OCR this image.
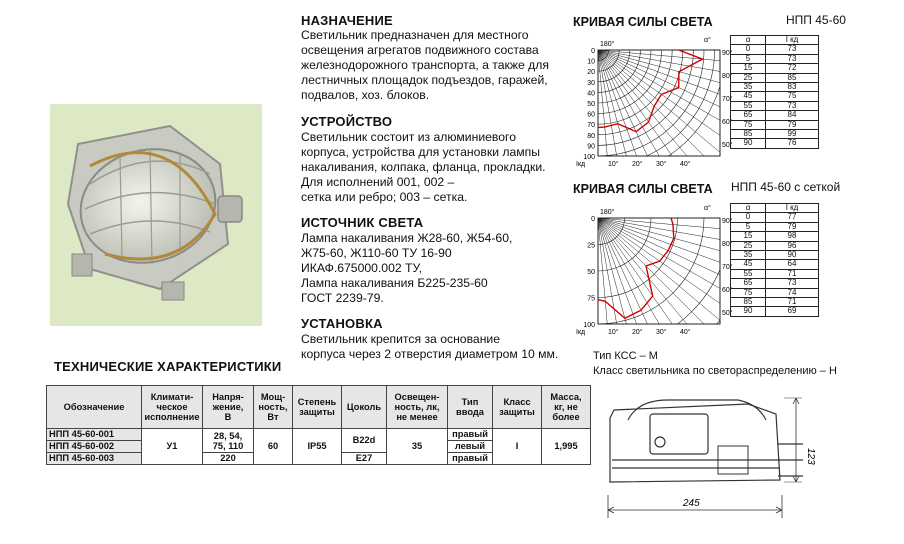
НАЗНАЧЕНИЕ
Светильник предназначен для местного
освещения агрегатов подвижного состава
железнодорожного транспорта, а также для
лестничных площадок подъездов, гаражей,
подвалов, хоз. блоков.
УСТРОЙСТВО
Светильник состоит из алюминиевого
корпуса, устройства для установки лампы
накаливания, колпака, фланца, прокладки.
Для исполнений 001, 002 –
сетка или ребро; 003 – сетка.
ИСТОЧНИК СВЕТА
Лампа накаливания Ж28-60, Ж54-60,
Ж75-60, Ж110-60 ТУ 16-90
ИКАФ.675000.002 ТУ,
Лампа накаливания Б225-235-60
ГОСТ 2239-79.
УСТАНОВКА
Светильник крепится за основание
корпуса через 2 отверстия диаметром 10 мм.
КРИВАЯ СИЛЫ СВЕТА	НПП 45-60
0
10
20
30
40
50
60
70
80
90
100
180°
α°
90°
80°
70°
60°
50°
Iкд	10° 20° 30° 40°
α	I кд
0	73
5	73
15	72
25	85
35	83
45	75
55	73
65	84
75	79
85	99
90	76
КРИВАЯ СИЛЫ СВЕТА НПП 45-60 с сеткой
0
25
50
75
100
180°
α°
90°
80°
70°
60°
50°
Iкд	10° 20° 30° 40°
α	I кд
0	77
5	79
15	98
25	96
35	90
45	64
55	71
65	73
75	74
85	71
90	69
Тип КСС – М
Класс светильника по светораспределению – Н
ТЕХНИЧЕСКИЕ ХАРАКТЕРИСТИКИ
Обозначение	Климати-
ческое
исполнение	Напря-
жение,
В	Мощ-
ность,
Вт	Степень
защиты	Цоколь	Освещен-
ность, лк,
не менее	Тип
ввода	Класс
защиты	Масса,
кг, не
более
НПП 45-60-001	У1	28, 54,
75, 110	60	IP55	B22d	35	правый	I	1,995
НПП 45-60-002							левый		
НПП 45-60-003		220			E27		правый		
245
123
